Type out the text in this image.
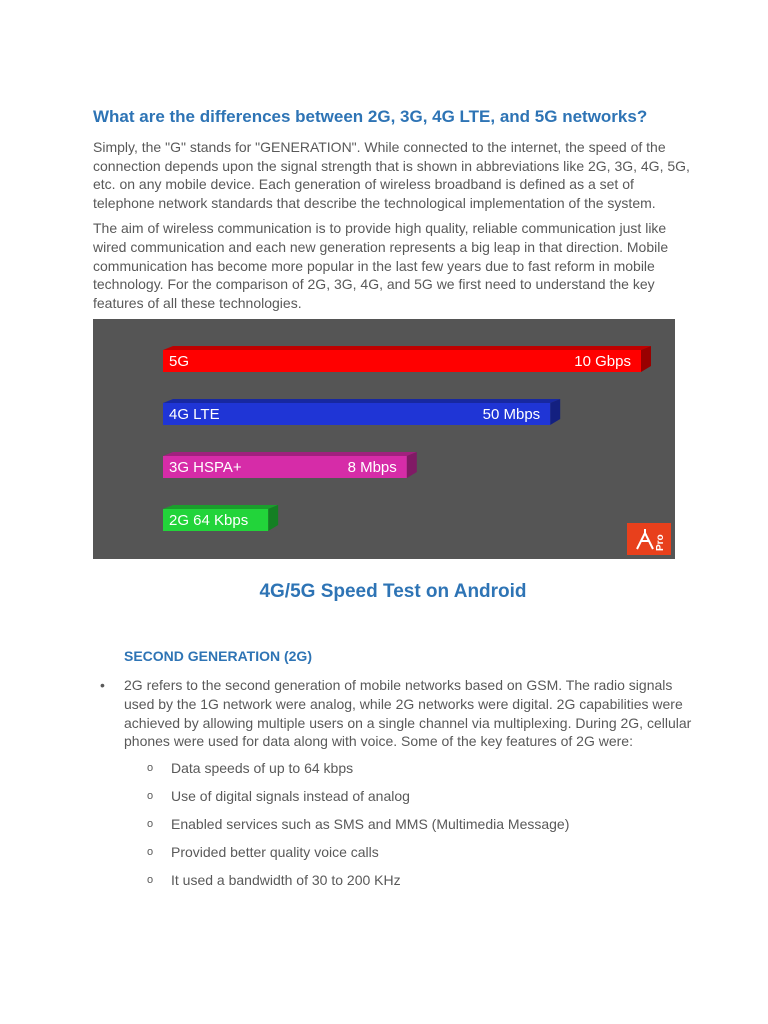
What are the differences between 2G, 3G, 4G LTE, and 5G networks?

Simply, the "G" stands for "GENERATION". While connected to the internet, the speed of the connection depends upon the signal strength that is shown in abbreviations like 2G, 3G, 4G, 5G, etc. on any mobile device. Each generation of wireless broadband is defined as a set of telephone network standards that describe the technological implementation of the system.

The aim of wireless communication is to provide high quality, reliable communication just like wired communication and each new generation represents a big leap in that direction. Mobile communication has become more popular in the last few years due to fast reform in mobile technology. For the comparison of 2G, 3G, 4G, and 5G we first need to understand the key features of all these technologies.

5G	10 Gbps
4G LTE	50 Mbps
3G HSPA+	8 Mbps
2G 64 Kbps
Pro
4G/5G Speed Test on Android
SECOND GENERATION (2G)
• 2G refers to the second generation of mobile networks based on GSM. The radio signals used by the 1G network were analog, while 2G networks were digital. 2G capabilities were achieved by allowing multiple users on a single channel via multiplexing. During 2G, cellular phones were used for data along with voice. Some of the key features of 2G were:

o Data speeds of up to 64 kbps
o Use of digital signals instead of analog
o Enabled services such as SMS and MMS (Multimedia Message)
o Provided better quality voice calls
o It used a bandwidth of 30 to 200 KHz
